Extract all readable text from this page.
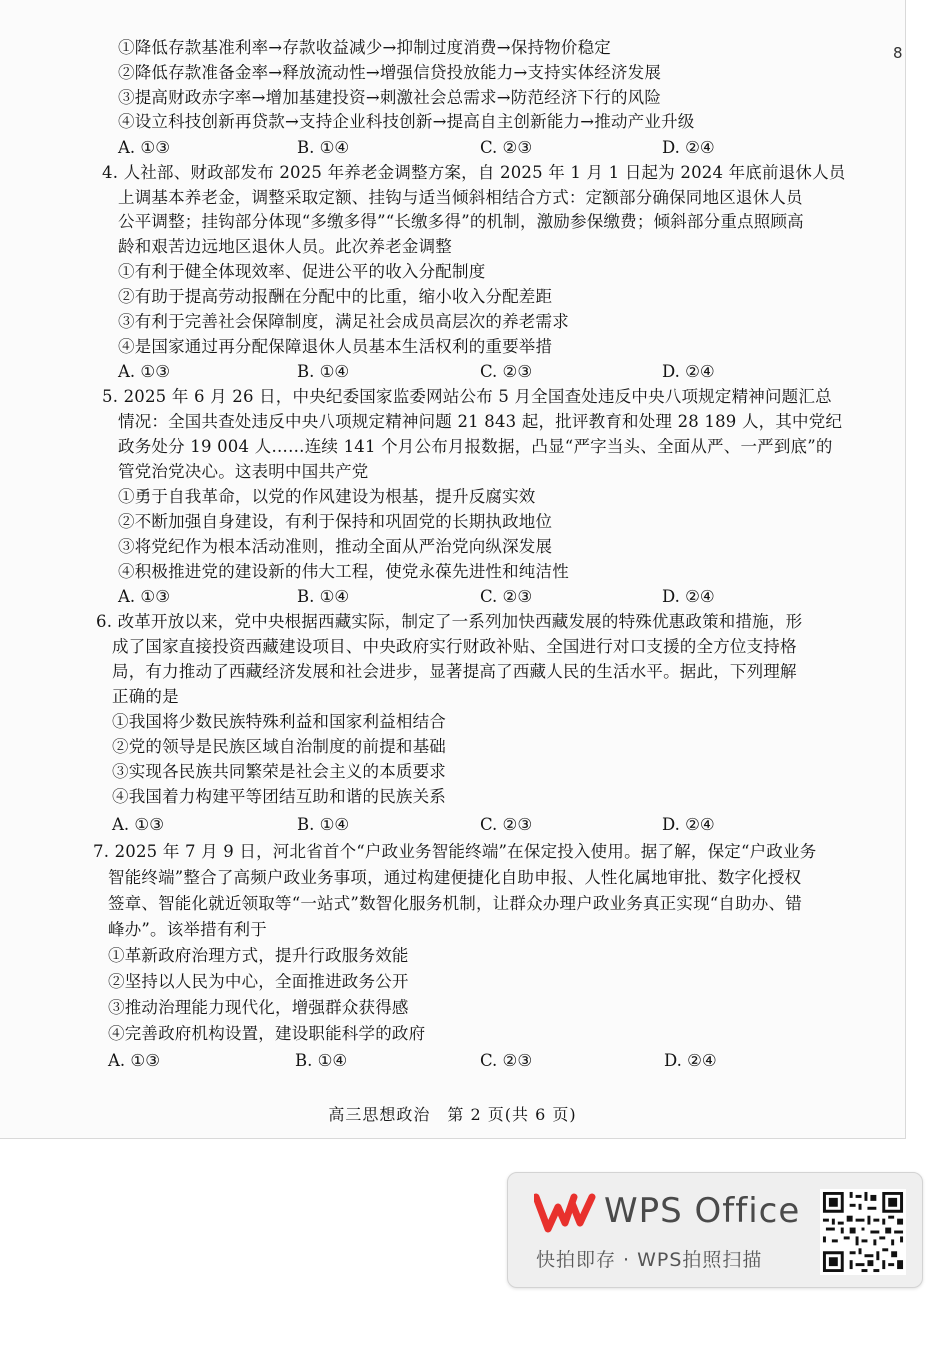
8
①降低存款基准利率→存款收益减少→抑制过度消费→保持物价稳定
②降低存款准备金率→释放流动性→增强信贷投放能力→支持实体经济发展
③提高财政赤字率→增加基建投资→刺激社会总需求→防范经济下行的风险
④设立科技创新再贷款→支持企业科技创新→提高自主创新能力→推动产业升级
A. ①③	B. ①④	C. ②③	D. ②④
4. 人社部、财政部发布 2025 年养老金调整方案，自 2025 年 1 月 1 日起为 2024 年底前退休人员
上调基本养老金，调整采取定额、挂钩与适当倾斜相结合方式：定额部分确保同地区退休人员
公平调整；挂钩部分体现“多缴多得”“长缴多得”的机制，激励参保缴费；倾斜部分重点照顾高
龄和艰苦边远地区退休人员。此次养老金调整
①有利于健全体现效率、促进公平的收入分配制度
②有助于提高劳动报酬在分配中的比重，缩小收入分配差距
③有利于完善社会保障制度，满足社会成员高层次的养老需求
④是国家通过再分配保障退休人员基本生活权利的重要举措
A. ①③	B. ①④	C. ②③	D. ②④
5. 2025 年 6 月 26 日，中央纪委国家监委网站公布 5 月全国查处违反中央八项规定精神问题汇总
情况：全国共查处违反中央八项规定精神问题 21 843 起，批评教育和处理 28 189 人，其中党纪
政务处分 19 004 人……连续 141 个月公布月报数据，凸显“严字当头、全面从严、一严到底”的
管党治党决心。这表明中国共产党
①勇于自我革命，以党的作风建设为根基，提升反腐实效
②不断加强自身建设，有利于保持和巩固党的长期执政地位
③将党纪作为根本活动准则，推动全面从严治党向纵深发展
④积极推进党的建设新的伟大工程，使党永葆先进性和纯洁性
A. ①③	B. ①④	C. ②③	D. ②④
6. 改革开放以来，党中央根据西藏实际，制定了一系列加快西藏发展的特殊优惠政策和措施，形
成了国家直接投资西藏建设项目、中央政府实行财政补贴、全国进行对口支援的全方位支持格
局，有力推动了西藏经济发展和社会进步，显著提高了西藏人民的生活水平。据此，下列理解
正确的是
①我国将少数民族特殊利益和国家利益相结合
②党的领导是民族区域自治制度的前提和基础
③实现各民族共同繁荣是社会主义的本质要求
④我国着力构建平等团结互助和谐的民族关系
A. ①③	B. ①④	C. ②③	D. ②④
7. 2025 年 7 月 9 日，河北省首个“户政业务智能终端”在保定投入使用。据了解，保定“户政业务
智能终端”整合了高频户政业务事项，通过构建便捷化自助申报、人性化属地审批、数字化授权
签章、智能化就近领取等“一站式”数智化服务机制，让群众办理户政业务真正实现“自助办、错
峰办”。该举措有利于
①革新政府治理方式，提升行政服务效能
②坚持以人民为中心，全面推进政务公开
③推动治理能力现代化，增强群众获得感
④完善政府机构设置，建设职能科学的政府
A. ①③	B. ①④	C. ②③	D. ②④
高三思想政治　第 2 页(共 6 页)
WPS Office
快拍即存 · WPS拍照扫描
